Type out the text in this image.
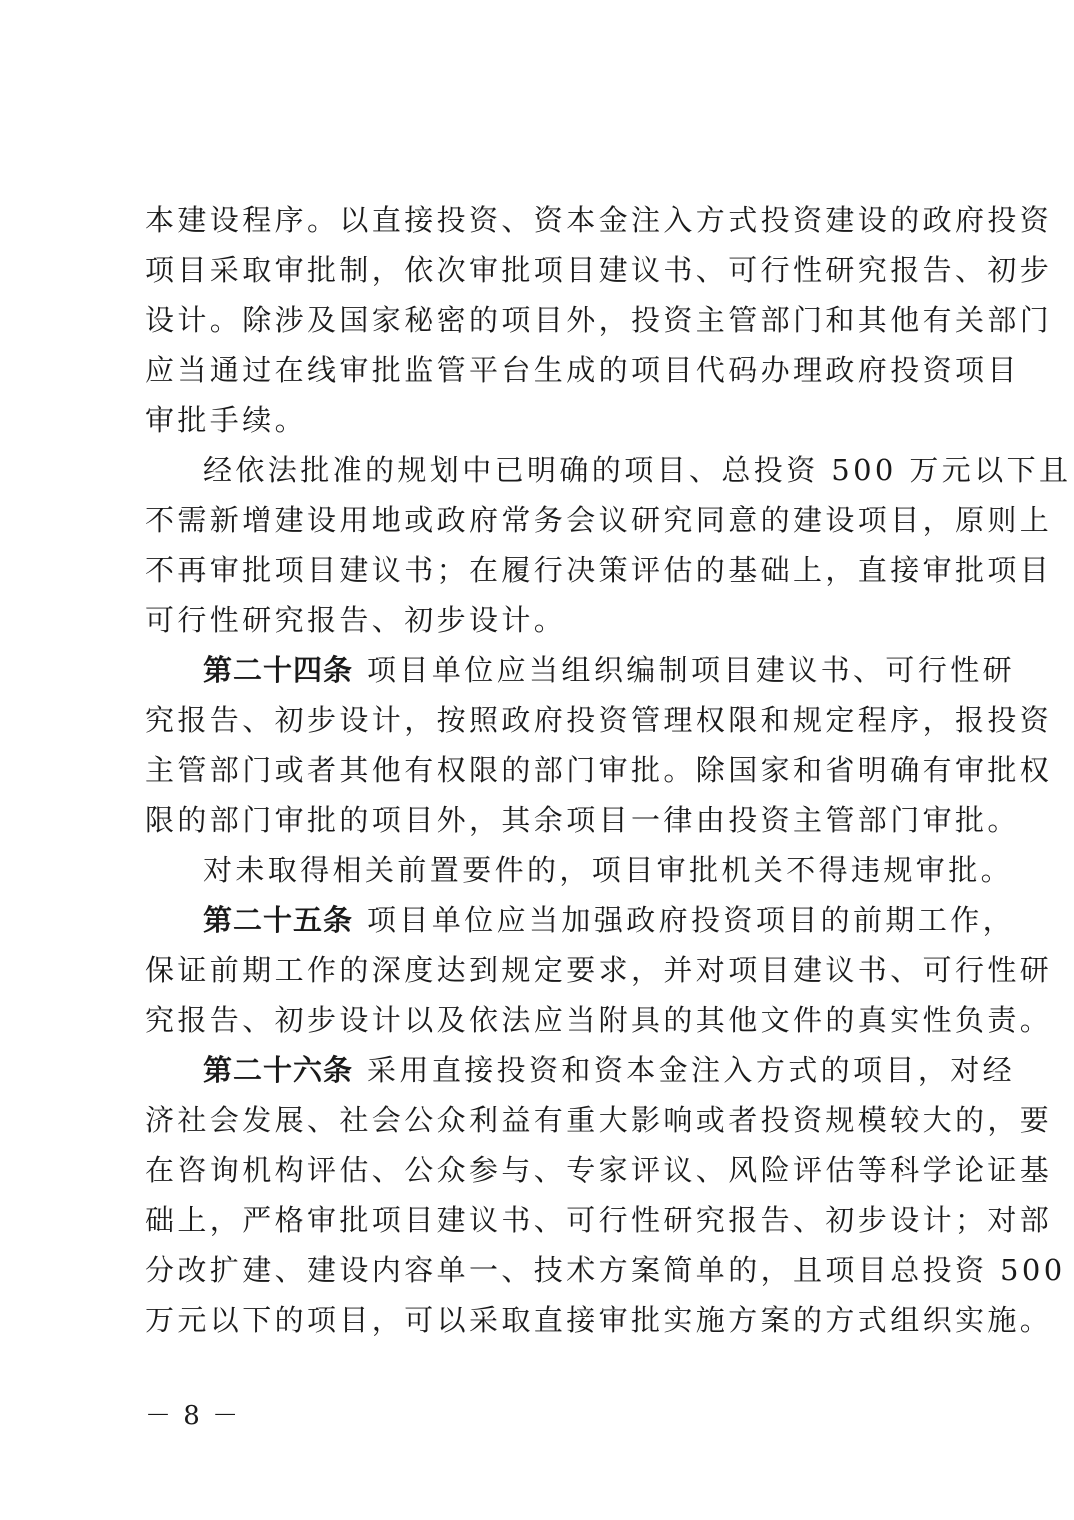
本建设程序。以直接投资、资本金注入方式投资建设的政府投资
项目采取审批制，依次审批项目建议书、可行性研究报告、初步
设计。除涉及国家秘密的项目外，投资主管部门和其他有关部门
应当通过在线审批监管平台生成的项目代码办理政府投资项目
审批手续。
经依法批准的规划中已明确的项目、总投资 500 万元以下且
不需新增建设用地或政府常务会议研究同意的建设项目，原则上
不再审批项目建议书；在履行决策评估的基础上，直接审批项目
可行性研究报告、初步设计。
第二十四条 项目单位应当组织编制项目建议书、可行性研
究报告、初步设计，按照政府投资管理权限和规定程序，报投资
主管部门或者其他有权限的部门审批。除国家和省明确有审批权
限的部门审批的项目外，其余项目一律由投资主管部门审批。
对未取得相关前置要件的，项目审批机关不得违规审批。
第二十五条 项目单位应当加强政府投资项目的前期工作，
保证前期工作的深度达到规定要求，并对项目建议书、可行性研
究报告、初步设计以及依法应当附具的其他文件的真实性负责。
第二十六条 采用直接投资和资本金注入方式的项目，对经
济社会发展、社会公众利益有重大影响或者投资规模较大的，要
在咨询机构评估、公众参与、专家评议、风险评估等科学论证基
础上，严格审批项目建议书、可行性研究报告、初步设计；对部
分改扩建、建设内容单一、技术方案简单的，且项目总投资 500
万元以下的项目，可以采取直接审批实施方案的方式组织实施。
－ 8 －
